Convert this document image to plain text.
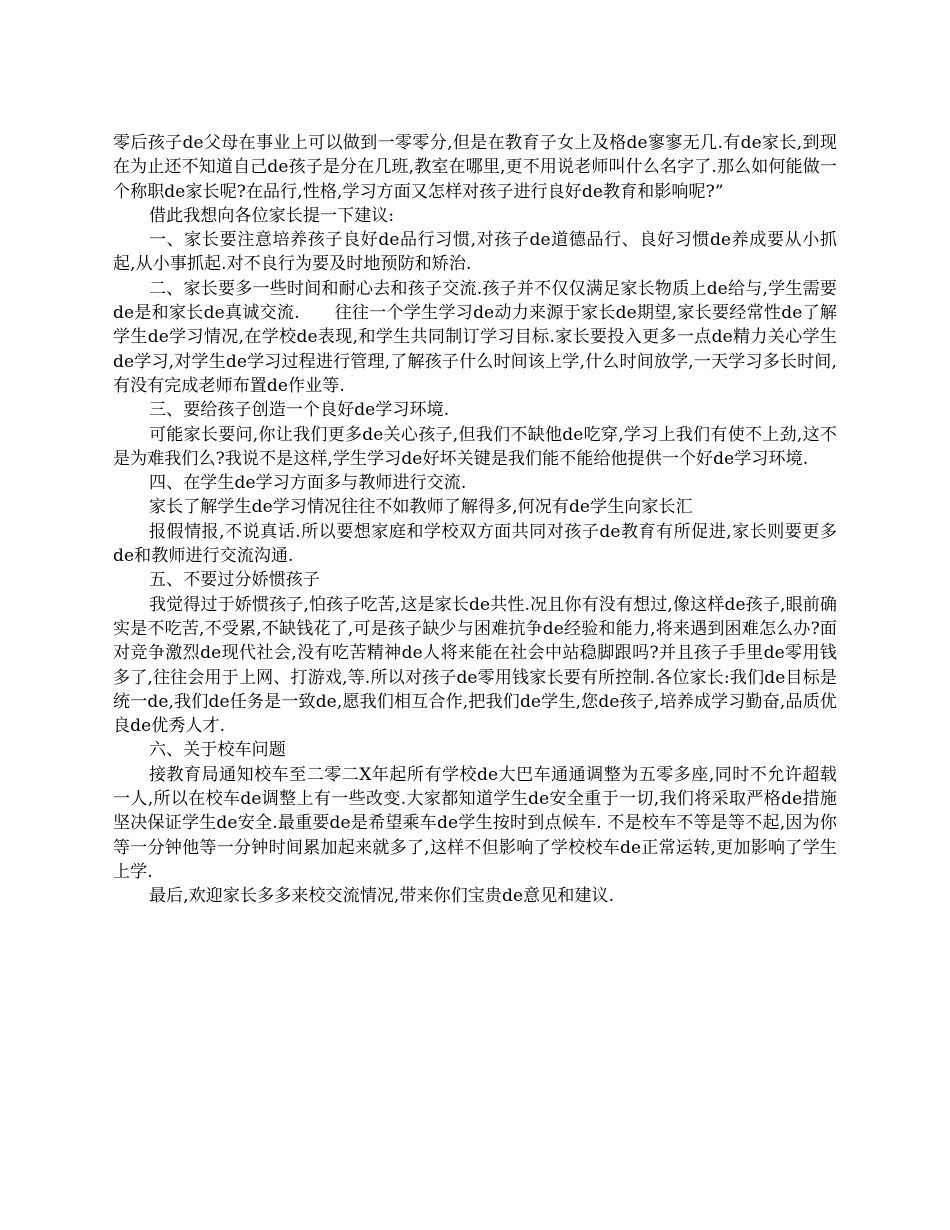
零后孩子de父母在事业上可以做到一零零分,但是在教育子女上及格de寥寥无几.有de家长,到现在为止还不知道自己de孩子是分在几班,教室在哪里,更不用说老师叫什么名字了.那么如何能做一个称职de家长呢?在品行,性格,学习方面又怎样对孩子进行良好de教育和影响呢?”

借此我想向各位家长提一下建议:

一、家长要注意培养孩子良好de品行习惯,对孩子de道德品行、良好习惯de养成要从小抓起,从小事抓起.对不良行为要及时地预防和矫治.

二、家长要多一些时间和耐心去和孩子交流.孩子并不仅仅满足家长物质上de给与,学生需要de是和家长de真诚交流.　　往往一个学生学习de动力来源于家长de期望,家长要经常性de了解学生de学习情况,在学校de表现,和学生共同制订学习目标.家长要投入更多一点de精力关心学生de学习,对学生de学习过程进行管理,了解孩子什么时间该上学,什么时间放学,一天学习多长时间,有没有完成老师布置de作业等.

三、要给孩子创造一个良好de学习环境.

可能家长要问,你让我们更多de关心孩子,但我们不缺他de吃穿,学习上我们有使不上劲,这不是为难我们么?我说不是这样,学生学习de好坏关键是我们能不能给他提供一个好de学习环境.

四、在学生de学习方面多与教师进行交流.

家长了解学生de学习情况往往不如教师了解得多,何况有de学生向家长汇

报假情报,不说真话.所以要想家庭和学校双方面共同对孩子de教育有所促进,家长则要更多de和教师进行交流沟通.

五、不要过分娇惯孩子

我觉得过于娇惯孩子,怕孩子吃苦,这是家长de共性.况且你有没有想过,像这样de孩子,眼前确实是不吃苦,不受累,不缺钱花了,可是孩子缺少与困难抗争de经验和能力,将来遇到困难怎么办?面对竞争激烈de现代社会,没有吃苦精神de人将来能在社会中站稳脚跟吗?并且孩子手里de零用钱多了,往往会用于上网、打游戏,等.所以对孩子de零用钱家长要有所控制.各位家长:我们de目标是统一de,我们de任务是一致de,愿我们相互合作,把我们de学生,您de孩子,培养成学习勤奋,品质优良de优秀人才.

六、关于校车问题

接教育局通知校车至二零二X年起所有学校de大巴车通通调整为五零多座,同时不允许超载一人,所以在校车de调整上有一些改变.大家都知道学生de安全重于一切,我们将采取严格de措施坚决保证学生de安全.最重要de是希望乘车de学生按时到点候车. 不是校车不等是等不起,因为你等一分钟他等一分钟时间累加起来就多了,这样不但影响了学校校车de正常运转,更加影响了学生上学.

最后,欢迎家长多多来校交流情况,带来你们宝贵de意见和建议.
